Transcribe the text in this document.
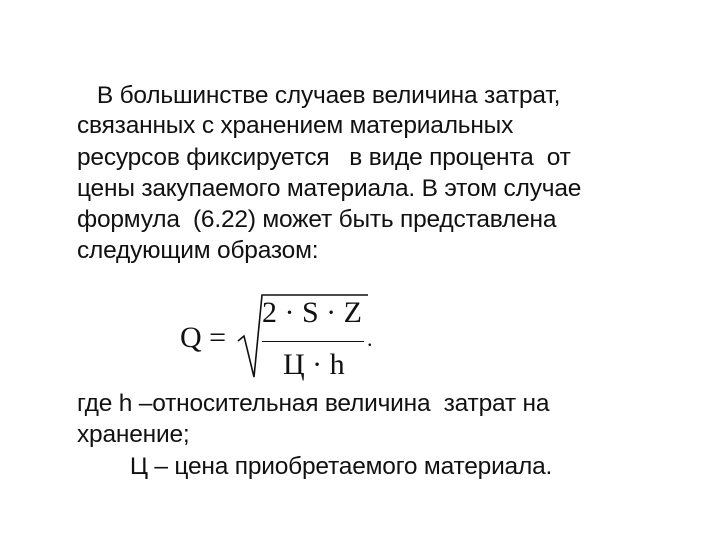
В большинстве случаев величина затрат,
связанных с хранением материальных
ресурсов фиксируется   в виде процента  от
цены закупаемого материала. В этом случае
формула  (6.22) может быть представлена
следующим образом:
Q =
2 · S · Z
Ц · h
.
где h –относительная величина  затрат на
хранение;
Ц – цена приобретаемого материала.
